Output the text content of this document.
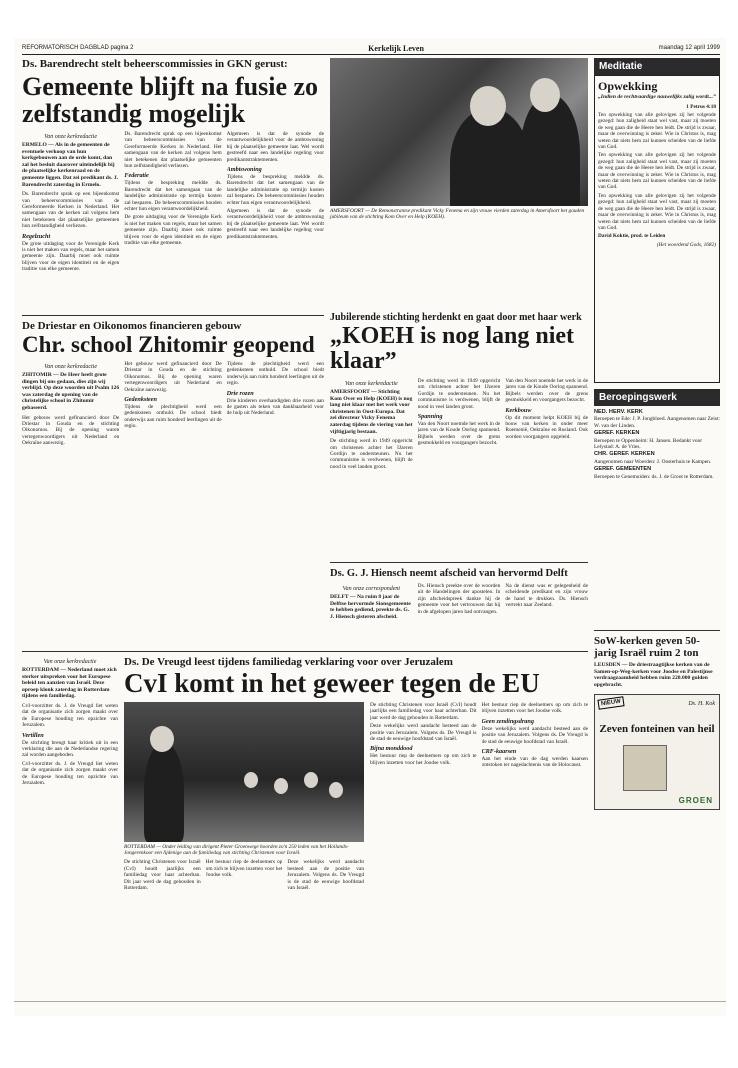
REFORMATORISCH DAGBLAD pagina 2	Kerkelijk Leven	maandag 12 april 1999

Ds. Barendrecht stelt beheerscommissies in GKN gerust:

Gemeente blijft na fusie zo zelfstandig mogelijk

Van onze kerkredactie

ERMELO — Als in de gemeenten de eventuele verkoop van hun kerkgebouwen aan de orde komt, dan zal het besluit daarover uiteindelijk bij de plaatselijke kerkenraad en de gemeente liggen. Dat zei predikant ds. J. Barendrecht zaterdag in Ermelo.

Ds. Barendrecht sprak op een bijeenkomst van beheerscommissies van de Gereformeerde Kerken in Nederland. Het samengaan van de kerken zal volgens hem niet betekenen dat plaatselijke gemeenten hun zelfstandigheid verliezen.

Regelzucht

De grote uitdaging voor de Verenigde Kerk is niet het maken van regels, maar het samen gemeente zijn. Daarbij moet ook ruimte blijven voor de eigen identiteit en de eigen traditie van elke gemeente.

Ds. Barendrecht sprak op een bijeenkomst van beheerscommissies van de Gereformeerde Kerken in Nederland. Het samengaan van de kerken zal volgens hem niet betekenen dat plaatselijke gemeenten hun zelfstandigheid verliezen.

Federatie

Tijdens de bespreking meldde ds. Barendrecht dat het samengaan van de landelijke administratie op termijn kosten zal besparen. De beheerscommissies houden echter hun eigen verantwoordelijkheid.

De grote uitdaging voor de Verenigde Kerk is niet het maken van regels, maar het samen gemeente zijn. Daarbij moet ook ruimte blijven voor de eigen identiteit en de eigen traditie van elke gemeente.

Algemeen is dat de synode de verantwoordelijkheid voor de ambtswoning bij de plaatselijke gemeente laat. Wel wordt gestreefd naar een landelijke regeling voor predikantstraktementen.

Ambtswoning

Tijdens de bespreking meldde ds. Barendrecht dat het samengaan van de landelijke administratie op termijn kosten zal besparen. De beheerscommissies houden echter hun eigen verantwoordelijkheid.

Algemeen is dat de synode de verantwoordelijkheid voor de ambtswoning bij de plaatselijke gemeente laat. Wel wordt gestreefd naar een landelijke regeling voor predikantstraktementen.

AMERSFOORT — De Remonstrantse predikant Vicky Fenema en zijn vrouw vierden zaterdag in Amersfoort het gouden jubileum van de stichting Kom Over en Help (KOEH).

De Driestar en Oikonomos financieren gebouw

Chr. school Zhitomir geopend

Van onze kerkredactie

ZHITOMIR — De Heer heeft grote dingen bij ons gedaan, dies zijn wij verblijd. Op deze woorden uit Psalm 126 was zaterdag de opening van de christelijke school in Zhitomir gebaseerd.

Het gebouw werd gefinancierd door De Driestar in Gouda en de stichting Oikonomos. Bij de opening waren vertegenwoordigers uit Nederland en Oekraïne aanwezig.

Het gebouw werd gefinancierd door De Driestar in Gouda en de stichting Oikonomos. Bij de opening waren vertegenwoordigers uit Nederland en Oekraïne aanwezig.

Gedenksteen

Tijdens de plechtigheid werd een gedenksteen onthuld. De school biedt onderwijs aan ruim honderd leerlingen uit de regio.

Tijdens de plechtigheid werd een gedenksteen onthuld. De school biedt onderwijs aan ruim honderd leerlingen uit de regio.

Drie rozen

Drie kinderen overhandigden drie rozen aan de gasten als teken van dankbaarheid voor de hulp uit Nederland.

Jubilerende stichting herdenkt en gaat door met haar werk

„KOEH is nog lang niet klaar”

Van onze kerkredactie

AMERSFOORT — Stichting Kom Over en Help (KOEH) is nog lang niet klaar met het werk voor christenen in Oost-Europa. Dat zei directeur Vicky Fenema zaterdag tijdens de viering van het vijftigjarig bestaan.

De stichting werd in 1949 opgericht om christenen achter het IJzeren Gordijn te ondersteunen. Nu het communisme is verdwenen, blijft de nood in veel landen groot.

De stichting werd in 1949 opgericht om christenen achter het IJzeren Gordijn te ondersteunen. Nu het communisme is verdwenen, blijft de nood in veel landen groot.

Spanning

Van den Noort noemde het werk in de jaren van de Koude Oorlog spannend. Bijbels werden over de grens gesmokkeld en voorgangers bezocht.

Van den Noort noemde het werk in de jaren van de Koude Oorlog spannend. Bijbels werden over de grens gesmokkeld en voorgangers bezocht.

Kerkbouw

Op dit moment helpt KOEH bij de bouw van kerken in onder meer Roemenië, Oekraïne en Rusland. Ook worden voorgangers opgeleid.

Ds. G. J. Hiensch neemt afscheid van hervormd Delft

Van onze correspondent

DELFT — Na ruim 8 jaar de Delftse hervormde Sionsgemeente te hebben gediend, preekte ds. G. J. Hiensch gisteren afscheid.

Ds. Hiensch preekte over de woorden uit de Handelingen der apostelen. In zijn afscheidspreek dankte hij de gemeente voor het vertrouwen dat hij in de afgelopen jaren had ontvangen.

Na de dienst was er gelegenheid de scheidende predikant en zijn vrouw de hand te drukken. Ds. Hiensch vertrekt naar Zeeland.

Van onze kerkredactie

ROTTERDAM — Nederland moet zich sterker uitspreken voor het Europese beleid ten aanzien van Israël. Deze oproep klonk zaterdag in Rotterdam tijdens een familiedag.

CvI-voorzitter ds. J. de Vreugd liet weten dat de organisatie zich zorgen maakt over de Europese houding ten opzichte van Jeruzalem.

Vertillen

De stichting brengt haar kritiek uit in een verklaring die aan de Nederlandse regering zal worden aangeboden.

CvI-voorzitter ds. J. de Vreugd liet weten dat de organisatie zich zorgen maakt over de Europese houding ten opzichte van Jeruzalem.

Ds. De Vreugd leest tijdens familiedag verklaring voor over Jeruzalem

CvI komt in het geweer tegen de EU

ROTTERDAM — Onder leiding van dirigent Pieter Groenwege hoorden zo'n 250 leden van het Hollands-Jongerenkoor een lijdenige aan de familiedag van stichting Christenen voor Israël.

De stichting Christenen voor Israël (CvI) houdt jaarlijks een familiedag voor haar achterban. Dit jaar werd de dag gehouden in Rotterdam.

Het bestuur riep de deelnemers op om zich te blijven inzetten voor het Joodse volk.

Deze wekelijks werd aandacht besteed aan de positie van Jeruzalem. Volgens ds. De Vreugd is de stad de eeuwige hoofdstad van Israël.

De stichting Christenen voor Israël (CvI) houdt jaarlijks een familiedag voor haar achterban. Dit jaar werd de dag gehouden in Rotterdam.

Deze wekelijks werd aandacht besteed aan de positie van Jeruzalem. Volgens ds. De Vreugd is de stad de eeuwige hoofdstad van Israël.

Bijna monddood

Het bestuur riep de deelnemers op om zich te blijven inzetten voor het Joodse volk.

Het bestuur riep de deelnemers op om zich te blijven inzetten voor het Joodse volk.

Geen zendingsdrang

Deze wekelijks werd aandacht besteed aan de positie van Jeruzalem. Volgens ds. De Vreugd is de stad de eeuwige hoofdstad van Israël.

CRF-kaarsen

Aan het einde van de dag werden kaarsen ontstoken ter nagedachtenis van de Holocaust.

Meditatie

Opwekking

„Indien de rechtvaardige nauwelijks zalig wordt...”

1 Petrus 4:18

Ten opwekking van alle gelovigen zij het volgende gezegd: hun zaligheid staat wel vast, maar zij moeten de weg gaan die de Heere hen leidt. De strijd is zwaar, maar de overwinning is zeker. Wie in Christus is, mag weten dat niets hem zal kunnen scheiden van de liefde van God.

Ten opwekking van alle gelovigen zij het volgende gezegd: hun zaligheid staat wel vast, maar zij moeten de weg gaan die de Heere hen leidt. De strijd is zwaar, maar de overwinning is zeker. Wie in Christus is, mag weten dat niets hem zal kunnen scheiden van de liefde van God.

Ten opwekking van alle gelovigen zij het volgende gezegd: hun zaligheid staat wel vast, maar zij moeten de weg gaan die de Heere hen leidt. De strijd is zwaar, maar de overwinning is zeker. Wie in Christus is, mag weten dat niets hem zal kunnen scheiden van de liefde van God.

David Koktie, prod. te Leiden

(Het woordend Gods, 1682)

Beroepingswerk

NED. HERV. KERK

Beroepen te Ede: J. P. Jongbloed. Aangenomen naar Zeist: W. van der Linden.

GEREF. KERKEN

Beroepen te Oppenheim: H. Jansen. Bedankt voor Lelystad: A. de Vries.

CHR. GEREF. KERKEN

Aangenomen naar Woerden: J. Oosterhuis te Kampen.

GEREF. GEMEENTEN

Beroepen te Genemuiden: ds. J. de Groot te Rotterdam.

SoW-kerken geven 50-jarig Israël ruim 2 ton

LEUSDEN — De driestraagtijkse kerken van de Samen-op-Weg-kerken voor Joodse en Palestijnse verdraagzaamheid hebben ruim 220.000 gulden opgebracht.

NIEUW	Ds. H. Kok
Zeven fonteinen van heil
GROEN
